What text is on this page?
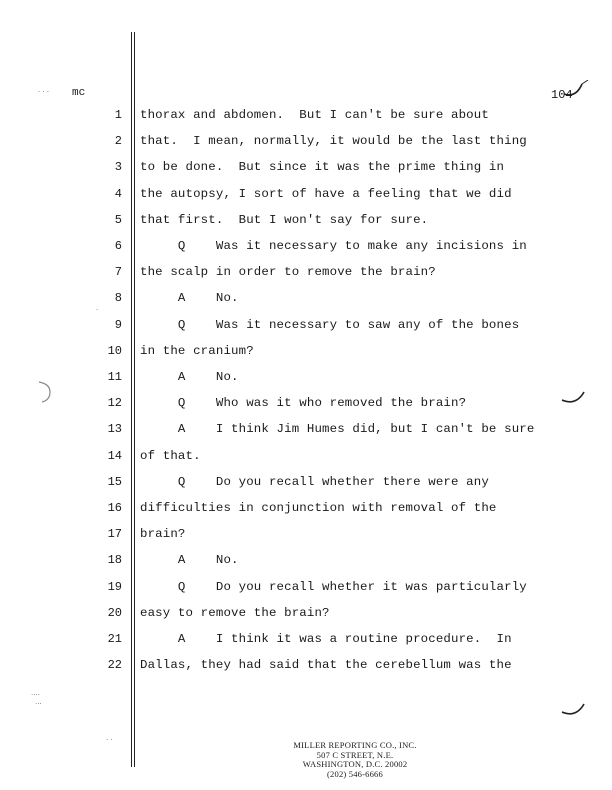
· · ·
·
····
···
· ·
mc	104
1 thorax and abdomen.  But I can't be sure about
2 that.  I mean, normally, it would be the last thing
3 to be done.  But since it was the prime thing in
4 the autopsy, I sort of have a feeling that we did
5 that first.  But I won't say for sure.
6 Q    Was it necessary to make any incisions in
7 the scalp in order to remove the brain?
8 A    No.
9 Q    Was it necessary to saw any of the bones
10 in the cranium?
11 A    No.
12 Q    Who was it who removed the brain?
13 A    I think Jim Humes did, but I can't be sure
14 of that.
15 Q    Do you recall whether there were any
16 difficulties in conjunction with removal of the
17 brain?
18 A    No.
19 Q    Do you recall whether it was particularly
20 easy to remove the brain?
21 A    I think it was a routine procedure.  In
22 Dallas, they had said that the cerebellum was the
MILLER REPORTING CO., INC.
507 C STREET, N.E.
WASHINGTON, D.C. 20002
(202) 546-6666
